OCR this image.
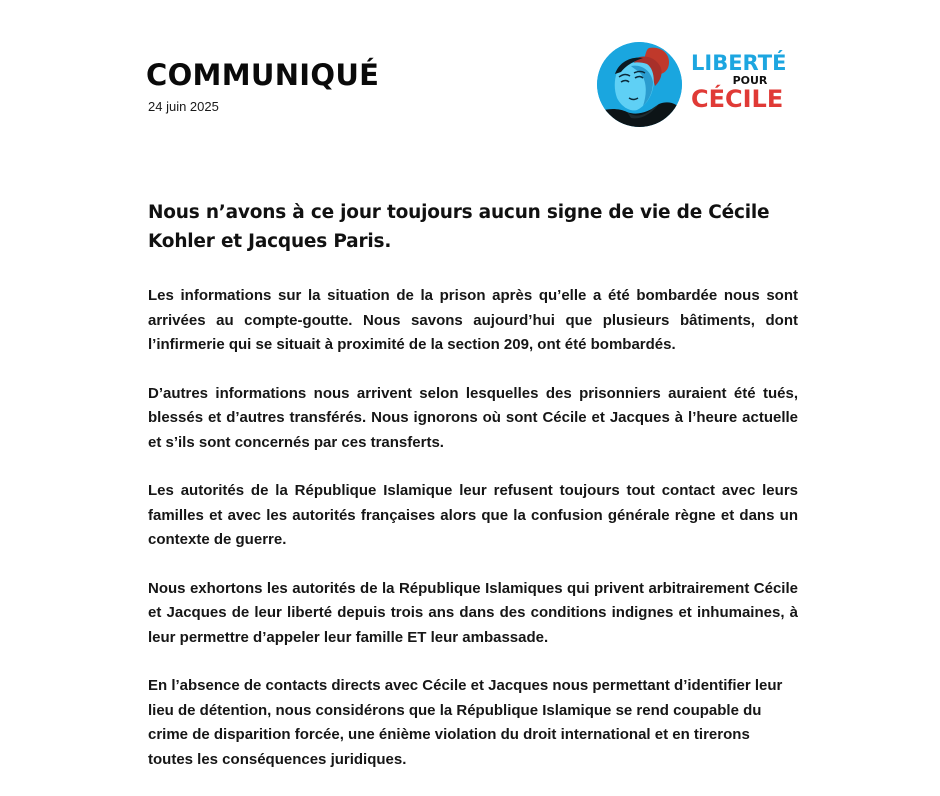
COMMUNIQUÉ
24 juin 2025
LIBERTÉ
POUR
CÉCILE

Nous n’avons à ce jour toujours aucun signe de vie de Cécile Kohler et Jacques Paris.

Les informations sur la situation de la prison après qu’elle a été bombardée nous sont arrivées au compte-goutte. Nous savons aujourd’hui que plusieurs bâtiments, dont l’infirmerie qui se situait à proximité de la section 209, ont été bombardés.

D’autres informations nous arrivent selon lesquelles des prisonniers auraient été tués, blessés et d’autres transférés. Nous ignorons où sont Cécile et Jacques à l’heure actuelle et s’ils sont concernés par ces transferts.

Les autorités de la République Islamique leur refusent toujours tout contact avec leurs familles et avec les autorités françaises alors que la confusion générale règne et dans un contexte de guerre.

Nous exhortons les autorités de la République Islamiques qui privent arbitrairement Cécile et Jacques de leur liberté depuis trois ans dans des conditions indignes et inhumaines, à leur permettre d’appeler leur famille ET leur ambassade.

En l’absence de contacts directs avec Cécile et Jacques nous permettant d’identifier leur lieu de détention, nous considérons que la République Islamique se rend coupable du crime de disparition forcée, une énième violation du droit international et en tirerons toutes les conséquences juridiques.
